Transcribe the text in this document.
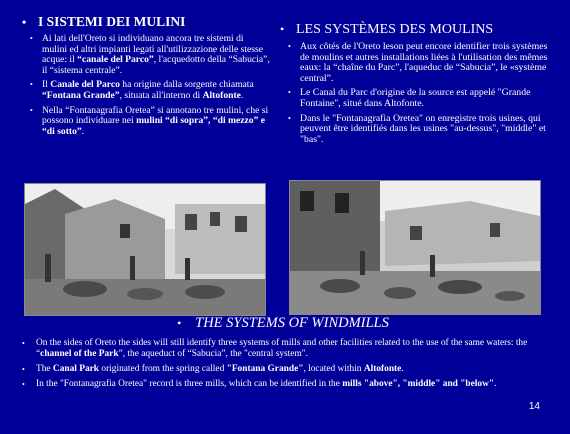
• I SISTEMI DEI MULINI
• Ai lati dell'Oreto si individuano ancora tre sistemi di mulini ed altri impianti legati all'utilizzazione delle stesse acque: il “canale del Parco”, l'acquedotto della “Sabucia”, il “sistema centrale”.
• Il Canale del Parco ha origine dalla sorgente chiamata “Fontana Grande”, situata all'interno di Altofonte.
• Nella “Fontanagrafia Oretea” si annotano tre mulini, che si possono individuare nei mulini “di sopra”, “di mezzo” e “di sotto”.
• LES SYSTÈMES DES MOULINS
• Aux côtés de l'Oreto leson peut encore identifier trois systèmes de moulins et autres installations liées à l'utilisation des mêmes eaux: la “chaîne du Parc”, l'aqueduc de “Sabucia”, le «système central”.
• Le Canal du Parc d'origine de la source est appelé "Grande Fontaine", situé dans Altofonte.
• Dans le "Fontanagrafia Oretea" on enregistre trois usines, qui peuvent être identifiés dans les usines "au-dessus", "middle" et "bas".
• THE SYSTEMS OF WINDMILLS
•	On the sides of Oreto the sides will still identify three systems of mills and other facilities related to the use of the same waters: the “channel of the Park”, the aqueduct of “Sabucia”, the "central system".
•	The Canal Park originated from the spring called "Fontana Grande", located within Altofonte.
•	In the "Fontanagrafia Oretea" record is three mills, which can be identified in the mills "above", "middle" and "below".
14
